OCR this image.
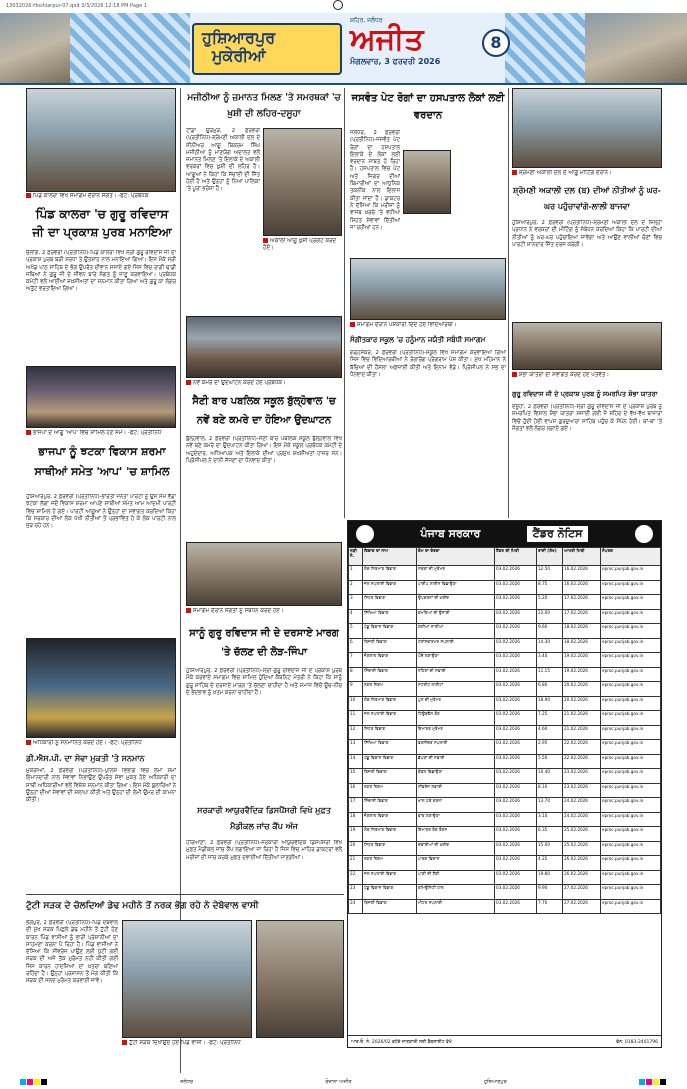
13032026-Hoshiarpur-07.qxd 3/3/2026 12:18 PM Page 1
ਹੁਸ਼ਿਆਰਪੁਰ
ਮੁਕੇਰੀਆਂ
ਸ਼ਹਿਰ, ਜਲੰਧਰ
ਅਜੀਤ
ਮੰਗਲਵਾਰ, 3 ਫਰਵਰੀ 2026
8
ਪਿੰਡ ਕਾਲਰਾ ਵਿਖੇ ਸਮਾਗਮ ਦੌਰਾਨ ਸੰਗਤ। -ਫੋਟੋ: ਪ੍ਰਬੰਧਕ
ਪਿੰਡ ਕਾਲਰਾ 'ਚ ਗੁਰੂ ਰਵਿਦਾਸ ਜੀ ਦਾ ਪ੍ਰਕਾਸ਼ ਪੁਰਬ ਮਨਾਇਆ
ਚੌਲਾਂਗ, 2 ਫ਼ਰਵਰੀ (ਪ੍ਰਤੀਨਿਧ)-ਪਿੰਡ ਕਾਲਰਾ ਵਿਖੇ ਸ੍ਰੀ ਗੁਰੂ ਰਵਿਦਾਸ ਜੀ ਦਾ ਪ੍ਰਕਾਸ਼ ਪੁਰਬ ਬੜੀ ਸ਼ਰਧਾ ਤੇ ਉਤਸ਼ਾਹ ਨਾਲ ਮਨਾਇਆ ਗਿਆ। ਇਸ ਮੌਕੇ ਸ੍ਰੀ ਅਖੰਡ ਪਾਠ ਸਾਹਿਬ ਦੇ ਭੋਗ ਉਪਰੰਤ ਦੀਵਾਨ ਸਜਾਏ ਗਏ ਜਿਸ ਵਿਚ ਰਾਗੀ ਢਾਡੀ ਜਥਿਆਂ ਨੇ ਗੁਰੂ ਜੀ ਦੇ ਜੀਵਨ ਬਾਰੇ ਸੰਗਤ ਨੂੰ ਜਾਣੂ ਕਰਵਾਇਆ। ਪ੍ਰਬੰਧਕ ਕਮੇਟੀ ਵਲੋਂ ਆਈਆਂ ਸ਼ਖ਼ਸੀਅਤਾਂ ਦਾ ਸਨਮਾਨ ਕੀਤਾ ਗਿਆ ਅਤੇ ਗੁਰੂ ਕਾ ਲੰਗਰ ਅਤੁੱਟ ਵਰਤਾਇਆ ਗਿਆ।
ਭਾਜਪਾ ਦੇ ਆਗੂ 'ਆਪ' ਵਿਚ ਸ਼ਾਮਿਲ ਹੋਣ ਸਮੇਂ। -ਫੋਟੋ: ਪ੍ਰਤੀਨਿਧ
ਭਾਜਪਾ ਨੂੰ ਝਟਕਾ ਵਿਕਾਸ ਸ਼ਰਮਾ ਸਾਥੀਆਂ ਸਮੇਤ 'ਆਪ' 'ਚ ਸ਼ਾਮਿਲ
ਹੁਸ਼ਿਆਰਪੁਰ, 2 ਫ਼ਰਵਰੀ (ਪ੍ਰਤੀਨਿਧ)-ਭਾਰਤੀ ਜਨਤਾ ਪਾਰਟੀ ਨੂੰ ਉਸ ਸਮੇਂ ਵੱਡਾ ਝਟਕਾ ਲੱਗਾ ਜਦੋਂ ਵਿਕਾਸ ਸ਼ਰਮਾ ਆਪਣੇ ਸਾਥੀਆਂ ਸਮੇਤ ਆਮ ਆਦਮੀ ਪਾਰਟੀ ਵਿਚ ਸ਼ਾਮਿਲ ਹੋ ਗਏ। ਪਾਰਟੀ ਆਗੂਆਂ ਨੇ ਉਨ੍ਹਾਂ ਦਾ ਸਵਾਗਤ ਕਰਦਿਆਂ ਕਿਹਾ ਕਿ ਸਰਕਾਰ ਦੀਆਂ ਲੋਕ ਪੱਖੀ ਨੀਤੀਆਂ ਤੋਂ ਪ੍ਰਭਾਵਿਤ ਹੋ ਕੇ ਲੋਕ ਪਾਰਟੀ ਨਾਲ ਜੁੜ ਰਹੇ ਹਨ।
ਅਧਿਕਾਰੀ ਨੂੰ ਸਨਮਾਨਿਤ ਕਰਦੇ ਹੋਏ। -ਫੋਟੋ: ਪ੍ਰਤੀਨਿਧ
ਡੀ.ਐਸ.ਪੀ. ਦਾ ਸੇਵਾ ਮੁਕਤੀ 'ਤੇ ਸਨਮਾਨ
ਮੁਕੇਰੀਆਂ, 2 ਫ਼ਰਵਰੀ (ਪ੍ਰਤੀਨਿਧ)-ਪੁਲਿਸ ਵਿਭਾਗ ਵਿਚ ਲੰਮਾ ਸਮਾਂ ਇਮਾਨਦਾਰੀ ਨਾਲ ਸੇਵਾਵਾਂ ਨਿਭਾਉਣ ਉਪਰੰਤ ਸੇਵਾ ਮੁਕਤ ਹੋਏ ਅਧਿਕਾਰੀ ਦਾ ਸਾਥੀ ਅਧਿਕਾਰੀਆਂ ਵਲੋਂ ਵਿਸ਼ੇਸ਼ ਸਨਮਾਨ ਕੀਤਾ ਗਿਆ। ਇਸ ਮੌਕੇ ਬੁਲਾਰਿਆਂ ਨੇ ਉਨ੍ਹਾਂ ਦੀਆਂ ਸੇਵਾਵਾਂ ਦੀ ਸ਼ਲਾਘਾ ਕੀਤੀ ਅਤੇ ਉਨ੍ਹਾਂ ਦੀ ਲੰਮੀ ਉਮਰ ਦੀ ਕਾਮਨਾ ਕੀਤੀ।
ਮਜੀਠੀਆ ਨੂੰ ਜ਼ਮਾਨਤ ਮਿਲਣ 'ਤੇ ਸਮਰਥਕਾਂ 'ਚ ਖ਼ੁਸ਼ੀ ਦੀ ਲਹਿਰ-ਦਸੂਹਾ
ਟਾਂਡਾ ਉੜਮੁੜ, 2 ਫ਼ਰਵਰੀ (ਪ੍ਰਤੀਨਿਧ)-ਸ਼੍ਰੋਮਣੀ ਅਕਾਲੀ ਦਲ ਦੇ ਸੀਨੀਅਰ ਆਗੂ ਬਿਕਰਮ ਸਿੰਘ ਮਜੀਠੀਆ ਨੂੰ ਮਾਣਯੋਗ ਅਦਾਲਤ ਵਲੋਂ ਜ਼ਮਾਨਤ ਮਿਲਣ 'ਤੇ ਇਲਾਕੇ ਦੇ ਅਕਾਲੀ ਵਰਕਰਾਂ ਵਿਚ ਖ਼ੁਸ਼ੀ ਦੀ ਲਹਿਰ ਹੈ। ਆਗੂਆਂ ਨੇ ਕਿਹਾ ਕਿ ਸੱਚਾਈ ਦੀ ਜਿੱਤ ਹੋਈ ਹੈ ਅਤੇ ਉਨ੍ਹਾਂ ਨੂੰ ਨਿਆਂ ਪਾਲਿਕਾ 'ਤੇ ਪੂਰਾ ਭਰੋਸਾ ਹੈ।
ਅਕਾਲੀ ਆਗੂ ਖ਼ੁਸ਼ੀ ਪ੍ਰਗਟ ਕਰਦੇ ਹੋਏ।
ਨਵੇਂ ਕਮਰੇ ਦਾ ਉਦਘਾਟਨ ਕਰਦੇ ਹੋਏ ਪ੍ਰਬੰਧਕ।
ਸੈਣੀ ਬਾਰ ਪਬਲਿਕ ਸਕੂਲ ਬੁੱਲ੍ਹੋਵਾਲ 'ਚ ਨਵੇਂ ਬਣੇ ਕਮਰੇ ਦਾ ਹੋਇਆ ਉਦਘਾਟਨ
ਬੁੱਲ੍ਹੋਵਾਲ, 2 ਫ਼ਰਵਰੀ (ਪ੍ਰਤੀਨਿਧ)-ਸੈਣੀ ਬਾਰ ਪਬਲਿਕ ਸਕੂਲ ਬੁੱਲ੍ਹੋਵਾਲ ਵਿਖੇ ਨਵੇਂ ਬਣੇ ਕਮਰੇ ਦਾ ਉਦਘਾਟਨ ਕੀਤਾ ਗਿਆ। ਇਸ ਮੌਕੇ ਸਕੂਲ ਪ੍ਰਬੰਧਕ ਕਮੇਟੀ ਦੇ ਅਹੁਦੇਦਾਰ, ਅਧਿਆਪਕ ਅਤੇ ਇਲਾਕੇ ਦੀਆਂ ਪ੍ਰਮੁੱਖ ਸ਼ਖ਼ਸੀਅਤਾਂ ਹਾਜ਼ਰ ਸਨ। ਪ੍ਰਿੰਸੀਪਲ ਨੇ ਦਾਨੀ ਸੱਜਣਾਂ ਦਾ ਧੰਨਵਾਦ ਕੀਤਾ।
ਸਮਾਗਮ ਦੌਰਾਨ ਸੰਗਤਾਂ ਨੂੰ ਸੰਬੋਧਨ ਕਰਦੇ ਹੋਏ।
ਸਾਨੂੰ ਗੁਰੂ ਰਵਿਦਾਸ ਜੀ ਦੇ ਦਰਸਾਏ ਮਾਰਗ 'ਤੇ ਚੱਲਣ ਦੀ ਲੋੜ-ਜਿੰਪਾ
ਹੁਸ਼ਿਆਰਪੁਰ, 2 ਫ਼ਰਵਰੀ (ਪ੍ਰਤੀਨਿਧ)-ਸ੍ਰੀ ਗੁਰੂ ਰਵਿਦਾਸ ਜੀ ਦੇ ਪ੍ਰਕਾਸ਼ ਪੁਰਬ ਮੌਕੇ ਕਰਵਾਏ ਸਮਾਗਮ ਵਿਚ ਸ਼ਾਮਿਲ ਹੁੰਦਿਆਂ ਕੈਬਨਿਟ ਮੰਤਰੀ ਨੇ ਕਿਹਾ ਕਿ ਸਾਨੂੰ ਗੁਰੂ ਸਾਹਿਬ ਦੇ ਦਰਸਾਏ ਮਾਰਗ 'ਤੇ ਚੱਲਣਾ ਚਾਹੀਦਾ ਹੈ ਅਤੇ ਸਮਾਜ ਵਿਚੋਂ ਊਚ-ਨੀਚ ਦੇ ਭੇਦਭਾਵ ਨੂੰ ਖ਼ਤਮ ਕਰਨਾ ਚਾਹੀਦਾ ਹੈ।
ਸਰਕਾਰੀ ਆਯੁਰਵੈਦਿਕ ਡਿਸਪੈਂਸਰੀ ਵਿਖੇ ਮੁਫ਼ਤ ਮੈਡੀਕਲ ਜਾਂਚ ਕੈਂਪ ਅੱਜ
ਹਰਿਆਣਾ, 2 ਫ਼ਰਵਰੀ (ਪ੍ਰਤੀਨਿਧ)-ਸਰਕਾਰੀ ਆਯੁਰਵੈਦਿਕ ਡਿਸਪੈਂਸਰੀ ਵਿਖੇ ਮੁਫ਼ਤ ਮੈਡੀਕਲ ਜਾਂਚ ਕੈਂਪ ਲਗਾਇਆ ਜਾ ਰਿਹਾ ਹੈ ਜਿਸ ਵਿਚ ਮਾਹਿਰ ਡਾਕਟਰਾਂ ਵਲੋਂ ਮਰੀਜ਼ਾਂ ਦੀ ਜਾਂਚ ਕਰਕੇ ਮੁਫ਼ਤ ਦਵਾਈਆਂ ਦਿੱਤੀਆਂ ਜਾਣਗੀਆਂ।
ਜਸਵੰਤ ਪੇਟ ਰੋਗਾਂ ਦਾ ਹਸਪਤਾਲ ਲੋਕਾਂ ਲਈ ਵਰਦਾਨ
ਜਲੰਧਰ, 2 ਫ਼ਰਵਰੀ (ਪ੍ਰਤੀਨਿਧ)-ਜਸਵੰਤ ਪੇਟ ਰੋਗਾਂ ਦਾ ਹਸਪਤਾਲ ਇਲਾਕੇ ਦੇ ਲੋਕਾਂ ਲਈ ਵਰਦਾਨ ਸਾਬਤ ਹੋ ਰਿਹਾ ਹੈ। ਹਸਪਤਾਲ ਵਿਚ ਪੇਟ ਅਤੇ ਜਿਗਰ ਦੀਆਂ ਬਿਮਾਰੀਆਂ ਦਾ ਆਧੁਨਿਕ ਤਕਨੀਕ ਨਾਲ ਇਲਾਜ ਕੀਤਾ ਜਾਂਦਾ ਹੈ। ਡਾਕਟਰ ਨੇ ਦੱਸਿਆ ਕਿ ਮਰੀਜ਼ਾਂ ਨੂੰ ਵਾਜਬ ਖ਼ਰਚੇ 'ਤੇ ਵਧੀਆ ਸਿਹਤ ਸੇਵਾਵਾਂ ਦਿੱਤੀਆਂ ਜਾ ਰਹੀਆਂ ਹਨ।
ਸਮਾਗਮ ਦੌਰਾਨ ਪੇਸ਼ਕਾਰੀ ਦਿੰਦੇ ਹੋਏ ਵਿਦਿਆਰਥੀ।
ਸੰਗੀਤਕਾਰ ਸਕੂਲ 'ਚ ਹਨੂੰਮਾਨ ਜਯੰਤੀ ਸਬੰਧੀ ਸਮਾਗਮ
ਗੜ੍ਹਸ਼ੰਕਰ, 2 ਫ਼ਰਵਰੀ (ਪ੍ਰਤੀਨਿਧ)-ਸਕੂਲ ਵਿਖੇ ਸਮਾਗਮ ਕਰਵਾਇਆ ਗਿਆ ਜਿਸ ਵਿਚ ਵਿਦਿਆਰਥੀਆਂ ਨੇ ਰੰਗਾਰੰਗ ਪ੍ਰੋਗਰਾਮ ਪੇਸ਼ ਕੀਤਾ। ਮੁੱਖ ਮਹਿਮਾਨ ਨੇ ਬੱਚਿਆਂ ਦੀ ਹੌਸਲਾ ਅਫ਼ਜ਼ਾਈ ਕੀਤੀ ਅਤੇ ਇਨਾਮ ਵੰਡੇ। ਪ੍ਰਿੰਸੀਪਲ ਨੇ ਸਭ ਦਾ ਧੰਨਵਾਦ ਕੀਤਾ।
ਸ਼੍ਰੋਮਣੀ ਅਕਾਲੀ ਦਲ ਦੇ ਆਗੂ ਮੀਟਿੰਗ ਦੌਰਾਨ।
ਸ਼੍ਰੋਮਣੀ ਅਕਾਲੀ ਦਲ (ਬ) ਦੀਆਂ ਨੀਤੀਆਂ ਨੂੰ ਘਰ-ਘਰ ਪਹੁੰਚਾਵਾਂਗੇ-ਲਾਲੀ ਬਾਜਵਾ
ਹੁਸ਼ਿਆਰਪੁਰ, 2 ਫ਼ਰਵਰੀ (ਪ੍ਰਤੀਨਿਧ)-ਸ਼੍ਰੋਮਣੀ ਅਕਾਲੀ ਦਲ ਦੇ ਜ਼ਿਲ੍ਹਾ ਪ੍ਰਧਾਨ ਨੇ ਵਰਕਰਾਂ ਦੀ ਮੀਟਿੰਗ ਨੂੰ ਸੰਬੋਧਨ ਕਰਦਿਆਂ ਕਿਹਾ ਕਿ ਪਾਰਟੀ ਦੀਆਂ ਨੀਤੀਆਂ ਨੂੰ ਘਰ-ਘਰ ਪਹੁੰਚਾਇਆ ਜਾਵੇਗਾ ਅਤੇ ਆਉਣ ਵਾਲੀਆਂ ਚੋਣਾਂ ਵਿਚ ਪਾਰਟੀ ਸ਼ਾਨਦਾਰ ਜਿੱਤ ਦਰਜ ਕਰੇਗੀ।
ਸ਼ੋਭਾ ਯਾਤਰਾ ਦਾ ਸਵਾਗਤ ਕਰਦੇ ਹੋਏ ਪਤਵੰਤੇ।
ਗੁਰੂ ਰਵਿਦਾਸ ਜੀ ਦੇ ਪ੍ਰਕਾਸ਼ ਪੁਰਬ ਨੂੰ ਸਮਰਪਿਤ ਸ਼ੋਭਾ ਯਾਤਰਾ
ਦਸੂਹਾ, 2 ਫ਼ਰਵਰੀ (ਪ੍ਰਤੀਨਿਧ)-ਸ੍ਰੀ ਗੁਰੂ ਰਵਿਦਾਸ ਜੀ ਦੇ ਪ੍ਰਕਾਸ਼ ਪੁਰਬ ਨੂੰ ਸਮਰਪਿਤ ਵਿਸ਼ਾਲ ਸ਼ੋਭਾ ਯਾਤਰਾ ਸਜਾਈ ਗਈ ਜੋ ਸ਼ਹਿਰ ਦੇ ਵੱਖ-ਵੱਖ ਬਾਜ਼ਾਰਾਂ ਵਿਚੋਂ ਹੁੰਦੀ ਹੋਈ ਵਾਪਸ ਗੁਰਦੁਆਰਾ ਸਾਹਿਬ ਪਹੁੰਚ ਕੇ ਸੰਪੰਨ ਹੋਈ। ਥਾਂ-ਥਾਂ 'ਤੇ ਸੰਗਤਾਂ ਵਲੋਂ ਲੰਗਰ ਲਗਾਏ ਗਏ।
ਪੰਜਾਬ ਸਰਕਾਰ	ਟੈਂਡਰ ਨੋਟਿਸ
ਲੜੀ ਨੰ.	ਵਿਭਾਗ ਦਾ ਨਾਮ	ਕੰਮ ਦਾ ਵੇਰਵਾ	ਟੈਂਡਰ ਦੀ ਮਿਤੀ	ਰਾਸ਼ੀ (ਲੱਖ)	ਆਖਰੀ ਮਿਤੀ	ਸੰਪਰਕ
1	ਲੋਕ ਨਿਰਮਾਣ ਵਿਭਾਗ	ਸੜਕਾਂ ਦੀ ਮੁਰੰਮਤ	03.02.2026	12.50	16.02.2026	eproc.punjab.gov.in
2	ਜਲ ਸਪਲਾਈ ਵਿਭਾਗ	ਪਾਈਪ ਲਾਈਨ ਵਿਛਾਉਣਾ	03.02.2026	8.75	16.02.2026	eproc.punjab.gov.in
3	ਸਿਹਤ ਵਿਭਾਗ	ਉਪਕਰਨਾਂ ਦੀ ਖ਼ਰੀਦ	03.02.2026	5.20	17.02.2026	eproc.punjab.gov.in
4	ਸਿੱਖਿਆ ਵਿਭਾਗ	ਕਮਰਿਆਂ ਦੀ ਉਸਾਰੀ	03.02.2026	22.00	17.02.2026	eproc.punjab.gov.in
5	ਪੇਂਡੂ ਵਿਕਾਸ ਵਿਭਾਗ	ਗਲੀਆਂ ਨਾਲੀਆਂ	03.02.2026	9.60	18.02.2026	eproc.punjab.gov.in
6	ਬਿਜਲੀ ਵਿਭਾਗ	ਟਰਾਂਸਫਾਰਮਰ ਸਪਲਾਈ	03.02.2026	14.30	18.02.2026	eproc.punjab.gov.in
7	ਜੰਗਲਾਤ ਵਿਭਾਗ	ਪੌਦੇ ਲਗਾਉਣਾ	03.02.2026	3.40	19.02.2026	eproc.punjab.gov.in
8	ਸਿੰਚਾਈ ਵਿਭਾਗ	ਨਹਿਰਾਂ ਦੀ ਸਫ਼ਾਈ	03.02.2026	11.15	19.02.2026	eproc.punjab.gov.in
9	ਨਗਰ ਨਿਗਮ	ਸਟਰੀਟ ਲਾਈਟਾਂ	03.02.2026	6.80	20.02.2026	eproc.punjab.gov.in
10	ਲੋਕ ਨਿਰਮਾਣ ਵਿਭਾਗ	ਪੁਲ ਦੀ ਮੁਰੰਮਤ	03.02.2026	18.90	20.02.2026	eproc.punjab.gov.in
11	ਜਲ ਸਪਲਾਈ ਵਿਭਾਗ	ਟਿਊਬਵੈਲ ਬੋਰ	03.02.2026	7.25	21.02.2026	eproc.punjab.gov.in
12	ਸਿਹਤ ਵਿਭਾਗ	ਇਮਾਰਤ ਮੁਰੰਮਤ	03.02.2026	4.60	21.02.2026	eproc.punjab.gov.in
13	ਸਿੱਖਿਆ ਵਿਭਾਗ	ਫ਼ਰਨੀਚਰ ਸਪਲਾਈ	03.02.2026	2.95	22.02.2026	eproc.punjab.gov.in
14	ਪੇਂਡੂ ਵਿਕਾਸ ਵਿਭਾਗ	ਛੱਪੜਾਂ ਦੀ ਸਫ਼ਾਈ	03.02.2026	5.50	22.02.2026	eproc.punjab.gov.in
15	ਬਿਜਲੀ ਵਿਭਾਗ	ਕੇਬਲ ਵਿਛਾਉਣਾ	03.02.2026	10.40	23.02.2026	eproc.punjab.gov.in
16	ਨਗਰ ਨਿਗਮ	ਸੀਵਰੇਜ ਸਫ਼ਾਈ	03.02.2026	8.10	23.02.2026	eproc.punjab.gov.in
17	ਸਿੰਚਾਈ ਵਿਭਾਗ	ਖਾਲ ਪੱਕੇ ਕਰਨਾ	03.02.2026	13.70	24.02.2026	eproc.punjab.gov.in
18	ਜੰਗਲਾਤ ਵਿਭਾਗ	ਵਾੜ ਲਗਾਉਣਾ	03.02.2026	3.10	24.02.2026	eproc.punjab.gov.in
19	ਲੋਕ ਨਿਰਮਾਣ ਵਿਭਾਗ	ਇਮਾਰਤ ਰੰਗ ਰੋਗਨ	03.02.2026	6.35	25.02.2026	eproc.punjab.gov.in
20	ਸਿਹਤ ਵਿਭਾਗ	ਦਵਾਈਆਂ ਦੀ ਖ਼ਰੀਦ	03.02.2026	15.00	25.02.2026	eproc.punjab.gov.in
21	ਨਗਰ ਨਿਗਮ	ਪਾਰਕ ਵਿਕਾਸ	03.02.2026	4.25	26.02.2026	eproc.punjab.gov.in
22	ਜਲ ਸਪਲਾਈ ਵਿਭਾਗ	ਪਾਣੀ ਦੀ ਟੈਂਕੀ	03.02.2026	19.80	26.02.2026	eproc.punjab.gov.in
23	ਪੇਂਡੂ ਵਿਕਾਸ ਵਿਭਾਗ	ਕਮਿਊਨਿਟੀ ਹਾਲ	03.02.2026	9.90	27.02.2026	eproc.punjab.gov.in
24	ਬਿਜਲੀ ਵਿਭਾਗ	ਮੀਟਰ ਸਪਲਾਈ	03.02.2026	7.70	27.02.2026	eproc.punjab.gov.in
ਆਰ.ਓ. ਨੰ. 2026/02 ਵਧੇਰੇ ਜਾਣਕਾਰੀ ਲਈ ਵੈਬਸਾਈਟ ਵੇਖੋ	ਫੋਨ: 0183-2401796
ਟੁੱਟੀ ਸੜਕ ਦੇ ਚੱਲਦਿਆਂ ਡੇਢ ਮਹੀਨੇ ਤੋਂ ਨਰਕ ਭੋਗ ਰਹੇ ਨੇ ਦੇਬੋਵਾਲ ਵਾਸੀ
ਭੋਗਪੁਰ, 2 ਫ਼ਰਵਰੀ (ਪ੍ਰਤੀਨਿਧ)-ਪਿੰਡ ਦੇਬੋਵਾਲ ਦੀ ਮੁੱਖ ਸੜਕ ਪਿਛਲੇ ਡੇਢ ਮਹੀਨੇ ਤੋਂ ਟੁੱਟੀ ਹੋਣ ਕਾਰਨ ਪਿੰਡ ਵਾਸੀਆਂ ਨੂੰ ਭਾਰੀ ਪ੍ਰੇਸ਼ਾਨੀਆਂ ਦਾ ਸਾਹਮਣਾ ਕਰਨਾ ਪੈ ਰਿਹਾ ਹੈ। ਪਿੰਡ ਵਾਸੀਆਂ ਨੇ ਦੱਸਿਆ ਕਿ ਸੀਵਰੇਜ ਪਾਉਣ ਲਈ ਪੁੱਟੀ ਗਈ ਸੜਕ ਦੀ ਅਜੇ ਤੱਕ ਮੁਰੰਮਤ ਨਹੀਂ ਕੀਤੀ ਗਈ ਜਿਸ ਕਾਰਨ ਹਾਦਸਿਆਂ ਦਾ ਖ਼ਤਰਾ ਬਣਿਆ ਰਹਿੰਦਾ ਹੈ। ਉਨ੍ਹਾਂ ਪ੍ਰਸ਼ਾਸਨ ਤੋਂ ਮੰਗ ਕੀਤੀ ਕਿ ਸੜਕ ਦੀ ਜਲਦ ਮੁਰੰਮਤ ਕਰਵਾਈ ਜਾਵੇ।
ਟੁੱਟੀ ਸੜਕ ਦਿਖਾਉਂਦੇ ਹੋਏ ਪਿੰਡ ਵਾਸੀ। -ਫੋਟੋ: ਪ੍ਰਤੀਨਿਧ
ਜਲੰਧਰ	ਰੋਜ਼ਾਨਾ ਅਜੀਤ	ਹੁਸ਼ਿਆਰਪੁਰ
